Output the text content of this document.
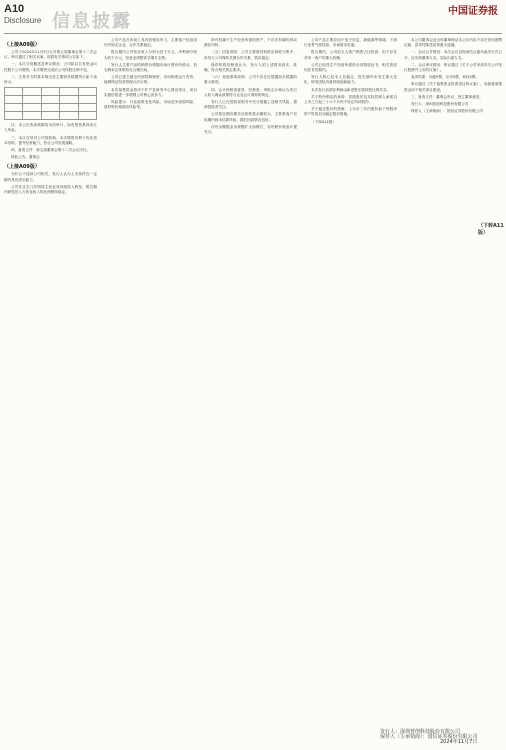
A10
Disclosure 信息披露	中国证券报
（上接A09版）

公司于2024年11月5日召开第五届董事会第十二次会议，审议通过了相关议案，现将有关事项公告如下。

一、本次交易概述及审议情况，公司拟以自有资金向控股子公司增资，本次增资完成后公司持股比例不变。

二、交易对方的基本情况及主要财务数据列示如下表所示。

注：本公告所涉数据均未经审计，如有尾差系四舍五入所致。

三、本次交易对公司的影响，本次增资有利于优化资本结构，提升经营能力，符合公司发展战略。

四、备查文件：第五届董事会第十二次会议决议。

特此公告。董事会

（上接A09版）

为什么不选择公司相关，发行人认为上市条件在一定期内具有成长能力。

公司在过去几年围绕主营业务持续投入研发，报告期内研发投入占营业收入的比例保持稳定。

公司产品在市场上具有较强竞争力，主要客户包括国内外知名企业，合作关系稳定。

报告期内公司营业收入分别为若干万元，净利润分别为若干万元，经营业绩整体呈增长态势。

发行人主要产品的销售价格随市场行情有所波动，但毛利率总体维持在合理区间。

公司已建立健全内部控制制度，各项制度运行有效，能够保证经营管理合法合规。

本次募集资金将用于扩产及研发中心建设项目，项目实施后将进一步增强公司核心竞争力。

风险提示：行业政策变化风险、市场竞争加剧风险、原材料价格波动风险等。

所有权属于生产经营所需的资产，不存在权属纠纷或潜在纠纷。

（五）回复说明：公司主要原材料供应商较为集中，但均与公司保持长期合作关系，供应稳定。

保荐机构经核查认为，发行人的上述情况真实、准确，符合相关规定要求。

（六）其他事项说明：公司不存在应披露而未披露的重大事项。

四、会计师核查意见：经核查，申报会计师认为发行人收入确认政策符合企业会计准则的规定。

发行人已在招股说明书中充分披露上述相关风险，提请投资者关注。

公司报告期各期末应收账款余额较大，主要系客户信用期内尚未结算所致，期后回款情况良好。

存货余额随业务规模扩大而增长，存货跌价准备计提充分。

公司产品主要应用于电子信息、新能源等领域，下游行业景气度较高，市场需求旺盛。

报告期内，公司前五大客户销售占比较高，但不存在对单一客户的重大依赖。

公司已取得生产经营所需的全部资质证书，相关资质均在有效期内。

发行人核心技术人员稳定，报告期内未发生重大变化，研发团队具备持续创新能力。

本次发行前滚存利润由新老股东按持股比例共享。

关于股份锁定的承诺：控股股东及实际控制人承诺自上市之日起三十六个月内不转让所持股份。

关于稳定股价的预案：上市后三年内股价低于每股净资产时将启动稳定股价措施。

（下转A11版）

本公司董事会及全体董事保证本公告内容不存在任何虚假记载、误导性陈述或者重大遗漏。

一、会议召开情况：本次会议以现场结合通讯表决方式召开，应出席董事九名，实际出席九名。

二、会议审议情况：审议通过《关于公司申请首次公开发行股票并上市的议案》。

表决结果：同意9票，反对0票，弃权0票。

审议通过《关于募集资金投资项目的议案》，同意将募集资金用于相关项目建设。

三、备查文件：董事会决议、独立董事意见。

发行人：深圳普创科技股份有限公司

保荐人（主承销商）：国信证券股份有限公司

（下转A11版）
发行人：深圳普创科技股份有限公司
保荐人（主承销商）：国信证券股份有限公司
2024年11月7日
